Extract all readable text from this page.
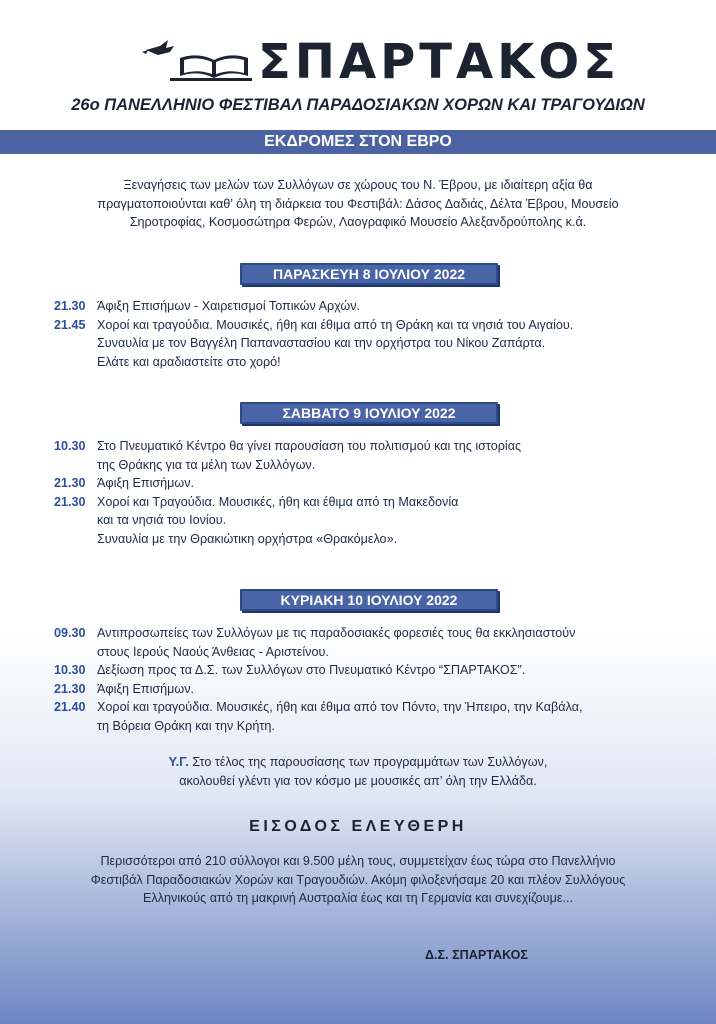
ΣΠΑΡΤΑΚΟΣ
26ο ΠΑΝΕΛΛΗΝΙΟ ΦΕΣΤΙΒΑΛ ΠΑΡΑΔΟΣΙΑΚΩΝ ΧΟΡΩΝ ΚΑΙ ΤΡΑΓΟΥΔΙΩΝ
ΕΚΔΡΟΜΕΣ ΣΤΟΝ ΕΒΡΟ
Ξεναγήσεις των μελών των Συλλόγων σε χώρους του Ν. Έβρου, με ιδιαίτερη αξία θα
πραγματοποιούνται καθ’ όλη τη διάρκεια του Φεστιβάλ: Δάσος Δαδιάς, Δέλτα Έβρου, Μουσείο
Σηροτροφίας, Κοσμοσώτηρα Φερών, Λαογραφικό Μουσείο Αλεξανδρούπολης κ.ά.
ΠΑΡΑΣΚΕΥΗ 8 ΙΟΥΛΙΟΥ 2022
21.30 Άφιξη Επισήμων - Χαιρετισμοί Τοπικών Αρχών.
21.45 Χοροί και τραγούδια. Μουσικές, ήθη και έθιμα από τη Θράκη και τα νησιά του Αιγαίου.
Συναυλία με τον Βαγγέλη Παπαναστασίου και την ορχήστρα του Νίκου Ζαπάρτα.
Ελάτε και αραδιαστείτε στο χορό!
ΣΑΒΒΑΤΟ 9 ΙΟΥΛΙΟΥ 2022
10.30 Στο Πνευματικό Κέντρο θα γίνει παρουσίαση του πολιτισμού και της ιστορίας
της Θράκης για τα μέλη των Συλλόγων.
21.30 Άφιξη Επισήμων.
21.30 Χοροί και Τραγούδια. Μουσικές, ήθη και έθιμα από τη Μακεδονία
και τα νησιά του Ιονίου.
Συναυλία με την Θρακιώτικη ορχήστρα «Θρακόμελο».
ΚΥΡΙΑΚΗ 10 ΙΟΥΛΙΟΥ 2022
09.30 Αντιπροσωπείες των Συλλόγων με τις παραδοσιακές φορεσιές τους θα εκκλησιαστούν
στους Ιερούς Ναούς Άνθειας - Αριστείνου.
10.30 Δεξίωση προς τα Δ.Σ. των Συλλόγων στο Πνευματικό Κέντρο “ΣΠΑΡΤΑΚΟΣ”.
21.30 Άφιξη Επισήμων.
21.40 Χοροί και τραγούδια. Μουσικές, ήθη και έθιμα από τον Πόντο, την Ήπειρο, την Καβάλα,
τη Βόρεια Θράκη και την Κρήτη.
Υ.Γ. Στο τέλος της παρουσίασης των προγραμμάτων των Συλλόγων,
ακολουθεί γλέντι για τον κόσμο με μουσικές απ’ όλη την Ελλάδα.
ΕΙΣΟΔΟΣ ΕΛΕΥΘΕΡΗ
Περισσότεροι από 210 σύλλογοι και 9.500 μέλη τους, συμμετείχαν έως τώρα στο Πανελλήνιο
Φεστιβάλ Παραδοσιακών Χορών και Τραγουδιών. Ακόμη φιλοξενήσαμε 20 και πλέον Συλλόγους
Ελληνικούς από τη μακρινή Αυστραλία έως και τη Γερμανία και συνεχίζουμε...
Δ.Σ. ΣΠΑΡΤΑΚΟΣ
